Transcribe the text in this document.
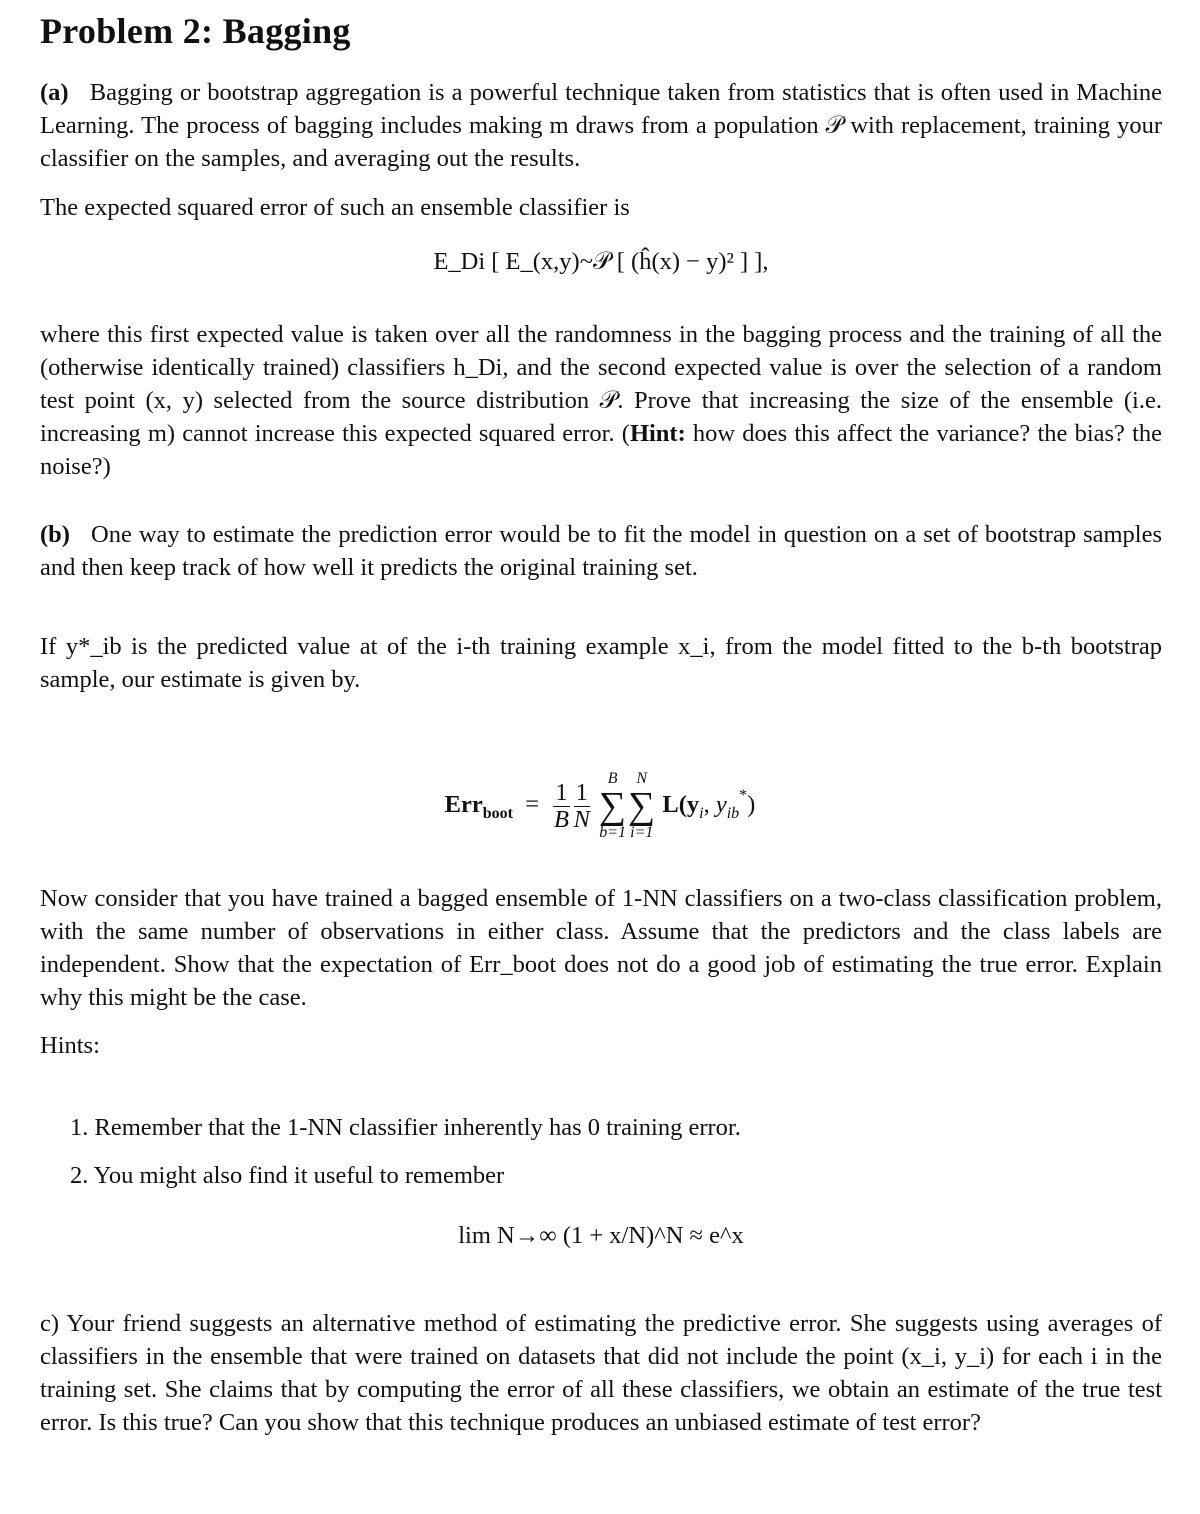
Problem 2: Bagging

(a) Bagging or bootstrap aggregation is a powerful technique taken from statistics that is often used in Machine Learning. The process of bagging includes making m draws from a population 𝒫 with replacement, training your classifier on the samples, and averaging out the results.

The expected squared error of such an ensemble classifier is

E_Di [ E_(x,y)~𝒫 [ (ĥ(x) − y)² ] ],

where this first expected value is taken over all the randomness in the bagging process and the training of all the (otherwise identically trained) classifiers h_Di, and the second expected value is over the selection of a random test point (x, y) selected from the source distribution 𝒫. Prove that increasing the size of the ensemble (i.e. increasing m) cannot increase this expected squared error. (Hint: how does this affect the variance? the bias? the noise?)

(b) One way to estimate the prediction error would be to fit the model in question on a set of bootstrap samples and then keep track of how well it predicts the original training set.

If y*_ib is the predicted value at of the i-th training example x_i, from the model fitted to the b-th bootstrap sample, our estimate is given by.

$Err_{boot} = \frac{1}{B} \frac{1}{N}$

B
∑
b=1
N
∑
i=1
$L(y_i$, $y_{ib}^*$)

Now consider that you have trained a bagged ensemble of 1-NN classifiers on a two-class classification problem, with the same number of observations in either class. Assume that the predictors and the class labels are independent. Show that the expectation of Err_boot does not do a good job of estimating the true error. Explain why this might be the case.

Hints:

1. Remember that the 1-NN classifier inherently has 0 training error.
2. You might also find it useful to remember
lim N→∞ (1 + x/N)^N ≈ e^x

c) Your friend suggests an alternative method of estimating the predictive error. She suggests using averages of classifiers in the ensemble that were trained on datasets that did not include the point (x_i, y_i) for each i in the training set. She claims that by computing the error of all these classifiers, we obtain an estimate of the true test error. Is this true? Can you show that this technique produces an unbiased estimate of test error?
